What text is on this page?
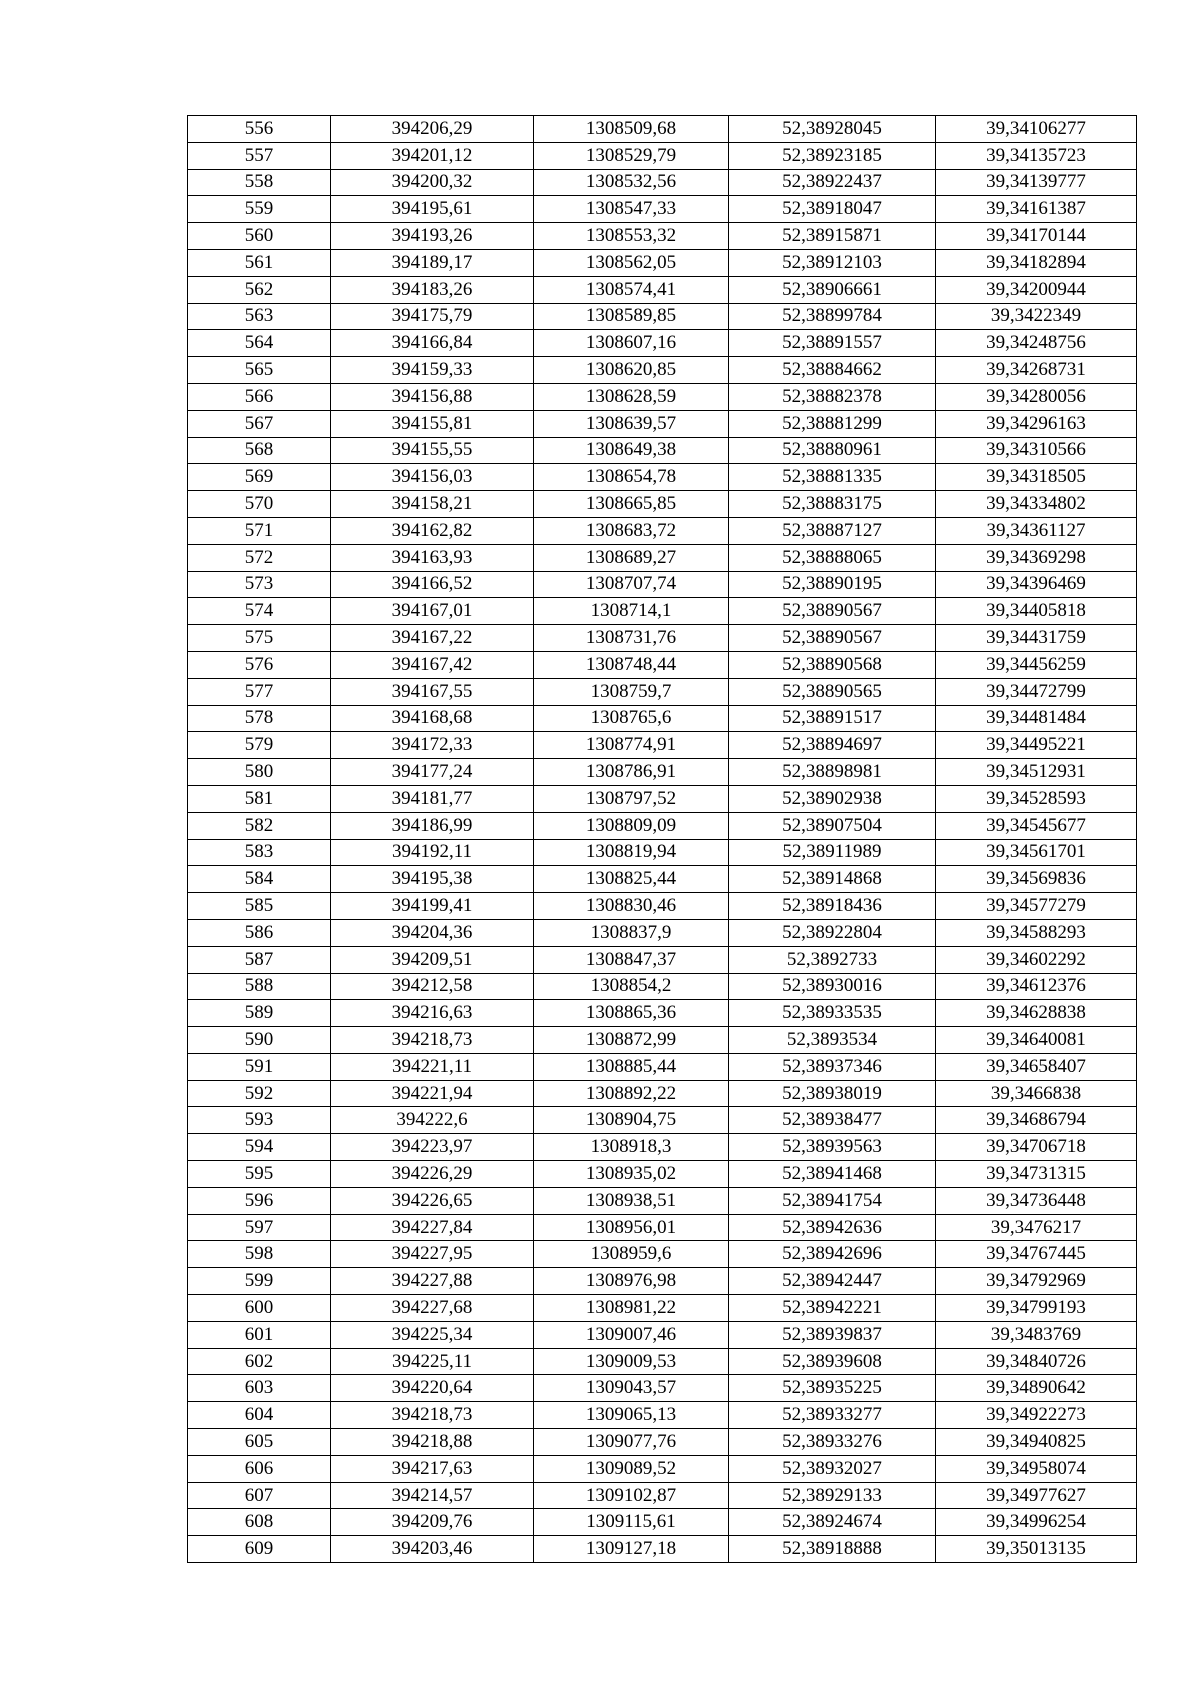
556	394206,29	1308509,68	52,38928045	39,34106277
557	394201,12	1308529,79	52,38923185	39,34135723
558	394200,32	1308532,56	52,38922437	39,34139777
559	394195,61	1308547,33	52,38918047	39,34161387
560	394193,26	1308553,32	52,38915871	39,34170144
561	394189,17	1308562,05	52,38912103	39,34182894
562	394183,26	1308574,41	52,38906661	39,34200944
563	394175,79	1308589,85	52,38899784	39,3422349
564	394166,84	1308607,16	52,38891557	39,34248756
565	394159,33	1308620,85	52,38884662	39,34268731
566	394156,88	1308628,59	52,38882378	39,34280056
567	394155,81	1308639,57	52,38881299	39,34296163
568	394155,55	1308649,38	52,38880961	39,34310566
569	394156,03	1308654,78	52,38881335	39,34318505
570	394158,21	1308665,85	52,38883175	39,34334802
571	394162,82	1308683,72	52,38887127	39,34361127
572	394163,93	1308689,27	52,38888065	39,34369298
573	394166,52	1308707,74	52,38890195	39,34396469
574	394167,01	1308714,1	52,38890567	39,34405818
575	394167,22	1308731,76	52,38890567	39,34431759
576	394167,42	1308748,44	52,38890568	39,34456259
577	394167,55	1308759,7	52,38890565	39,34472799
578	394168,68	1308765,6	52,38891517	39,34481484
579	394172,33	1308774,91	52,38894697	39,34495221
580	394177,24	1308786,91	52,38898981	39,34512931
581	394181,77	1308797,52	52,38902938	39,34528593
582	394186,99	1308809,09	52,38907504	39,34545677
583	394192,11	1308819,94	52,38911989	39,34561701
584	394195,38	1308825,44	52,38914868	39,34569836
585	394199,41	1308830,46	52,38918436	39,34577279
586	394204,36	1308837,9	52,38922804	39,34588293
587	394209,51	1308847,37	52,3892733	39,34602292
588	394212,58	1308854,2	52,38930016	39,34612376
589	394216,63	1308865,36	52,38933535	39,34628838
590	394218,73	1308872,99	52,3893534	39,34640081
591	394221,11	1308885,44	52,38937346	39,34658407
592	394221,94	1308892,22	52,38938019	39,3466838
593	394222,6	1308904,75	52,38938477	39,34686794
594	394223,97	1308918,3	52,38939563	39,34706718
595	394226,29	1308935,02	52,38941468	39,34731315
596	394226,65	1308938,51	52,38941754	39,34736448
597	394227,84	1308956,01	52,38942636	39,3476217
598	394227,95	1308959,6	52,38942696	39,34767445
599	394227,88	1308976,98	52,38942447	39,34792969
600	394227,68	1308981,22	52,38942221	39,34799193
601	394225,34	1309007,46	52,38939837	39,3483769
602	394225,11	1309009,53	52,38939608	39,34840726
603	394220,64	1309043,57	52,38935225	39,34890642
604	394218,73	1309065,13	52,38933277	39,34922273
605	394218,88	1309077,76	52,38933276	39,34940825
606	394217,63	1309089,52	52,38932027	39,34958074
607	394214,57	1309102,87	52,38929133	39,34977627
608	394209,76	1309115,61	52,38924674	39,34996254
609	394203,46	1309127,18	52,38918888	39,35013135
